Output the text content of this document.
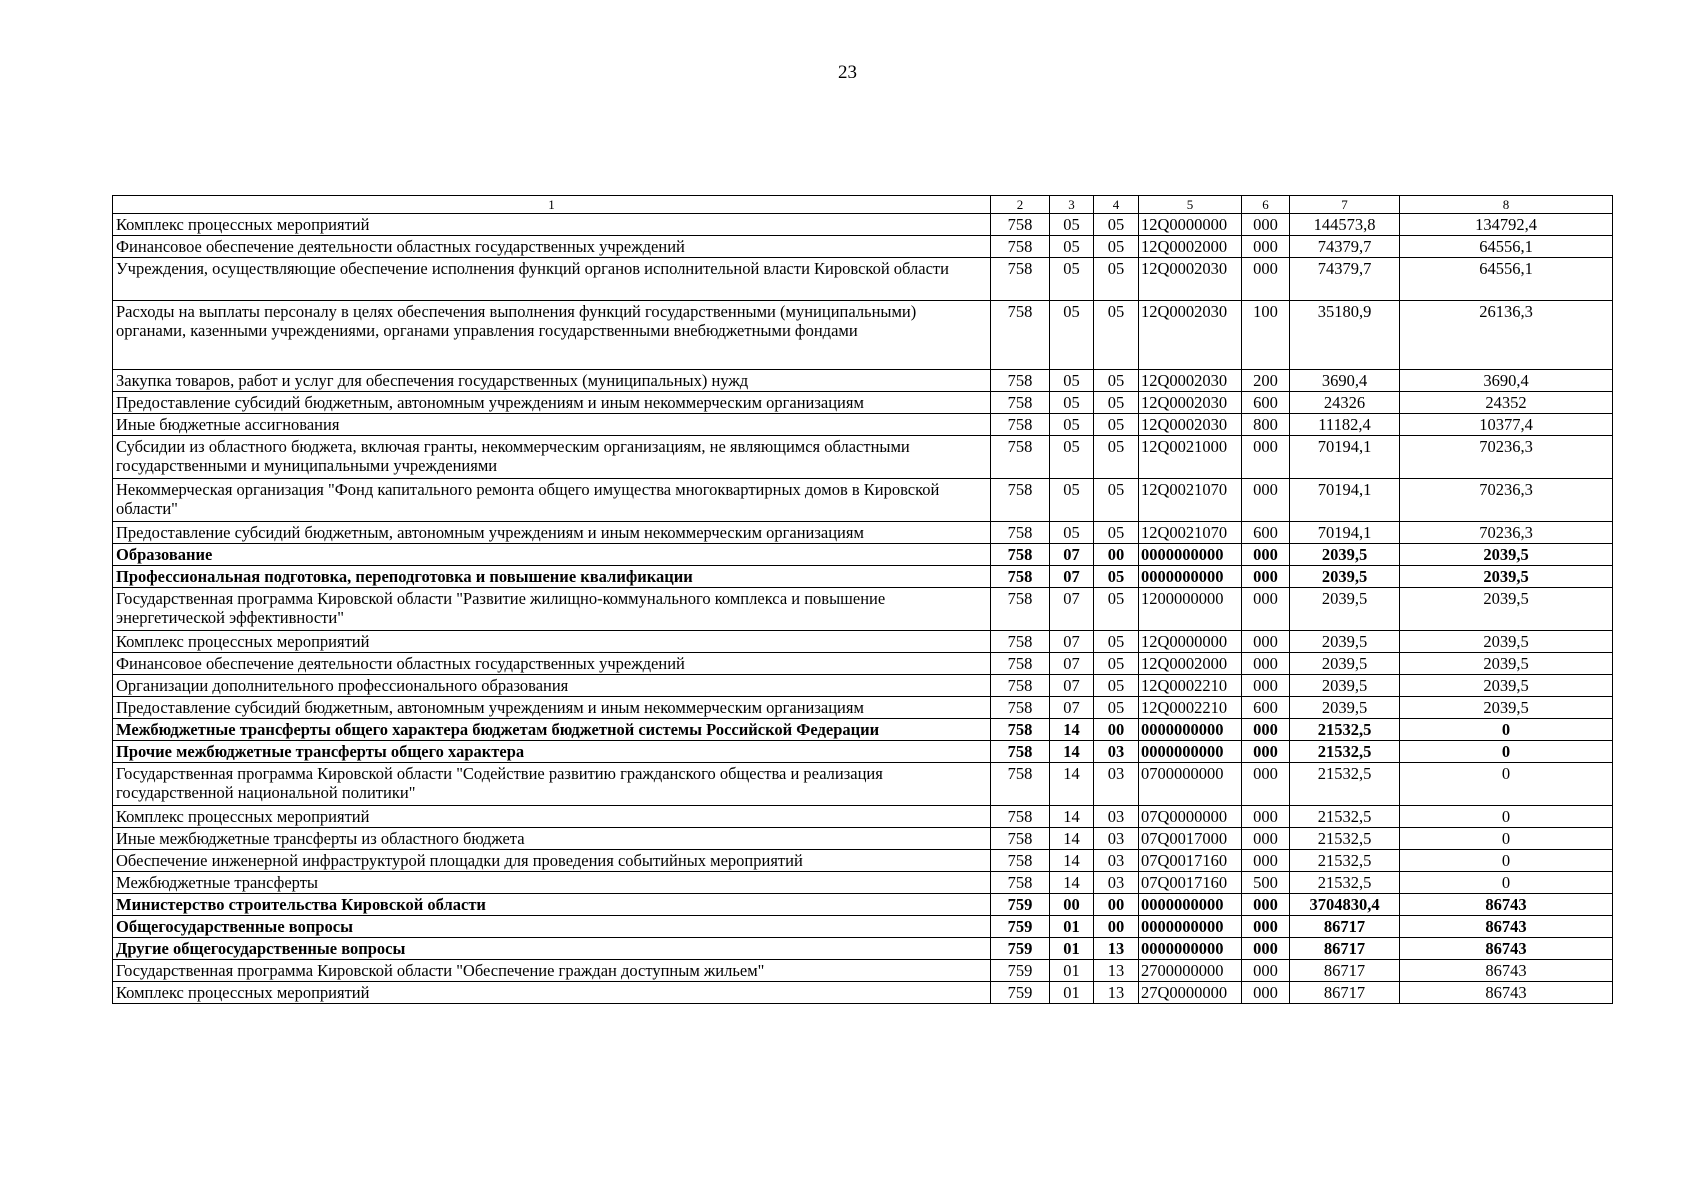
23
1	2	3	4	5	6	7	8
Комплекс процессных мероприятий	758	05	05	12Q0000000	000	144573,8	134792,4
Финансовое обеспечение деятельности областных государственных учреждений	758	05	05	12Q0002000	000	74379,7	64556,1
Учреждения, осуществляющие обеспечение исполнения функций органов исполнительной власти Кировской области	758	05	05	12Q0002030	000	74379,7	64556,1
Расходы на выплаты персоналу в целях обеспечения выполнения функций государственными (муниципальными) органами, казенными учреждениями, органами управления государственными внебюджетными фондами	758	05	05	12Q0002030	100	35180,9	26136,3
Закупка товаров, работ и услуг для обеспечения государственных (муниципальных) нужд	758	05	05	12Q0002030	200	3690,4	3690,4
Предоставление субсидий бюджетным, автономным учреждениям и иным некоммерческим организациям	758	05	05	12Q0002030	600	24326	24352
Иные бюджетные ассигнования	758	05	05	12Q0002030	800	11182,4	10377,4
Субсидии из областного бюджета, включая гранты, некоммерческим организациям, не являющимся областными государственными и муниципальными учреждениями	758	05	05	12Q0021000	000	70194,1	70236,3
Некоммерческая организация "Фонд капитального ремонта общего имущества многоквартирных домов в Кировской области"	758	05	05	12Q0021070	000	70194,1	70236,3
Предоставление субсидий бюджетным, автономным учреждениям и иным некоммерческим организациям	758	05	05	12Q0021070	600	70194,1	70236,3
Образование	758	07	00	0000000000	000	2039,5	2039,5
Профессиональная подготовка, переподготовка и повышение квалификации	758	07	05	0000000000	000	2039,5	2039,5
Государственная программа Кировской области "Развитие жилищно-коммунального комплекса и повышение энергетической эффективности"	758	07	05	1200000000	000	2039,5	2039,5
Комплекс процессных мероприятий	758	07	05	12Q0000000	000	2039,5	2039,5
Финансовое обеспечение деятельности областных государственных учреждений	758	07	05	12Q0002000	000	2039,5	2039,5
Организации дополнительного профессионального образования	758	07	05	12Q0002210	000	2039,5	2039,5
Предоставление субсидий бюджетным, автономным учреждениям и иным некоммерческим организациям	758	07	05	12Q0002210	600	2039,5	2039,5
Межбюджетные трансферты общего характера бюджетам бюджетной системы Российской Федерации	758	14	00	0000000000	000	21532,5	0
Прочие межбюджетные трансферты общего характера	758	14	03	0000000000	000	21532,5	0
Государственная программа Кировской области "Содействие развитию гражданского общества и реализация государственной национальной политики"	758	14	03	0700000000	000	21532,5	0
Комплекс процессных мероприятий	758	14	03	07Q0000000	000	21532,5	0
Иные межбюджетные трансферты из областного бюджета	758	14	03	07Q0017000	000	21532,5	0
Обеспечение инженерной инфраструктурой площадки для проведения событийных мероприятий	758	14	03	07Q0017160	000	21532,5	0
Межбюджетные трансферты	758	14	03	07Q0017160	500	21532,5	0
Министерство строительства Кировской области	759	00	00	0000000000	000	3704830,4	86743
Общегосударственные вопросы	759	01	00	0000000000	000	86717	86743
Другие общегосударственные вопросы	759	01	13	0000000000	000	86717	86743
Государственная программа Кировской области "Обеспечение граждан доступным жильем"	759	01	13	2700000000	000	86717	86743
Комплекс процессных мероприятий	759	01	13	27Q0000000	000	86717	86743
